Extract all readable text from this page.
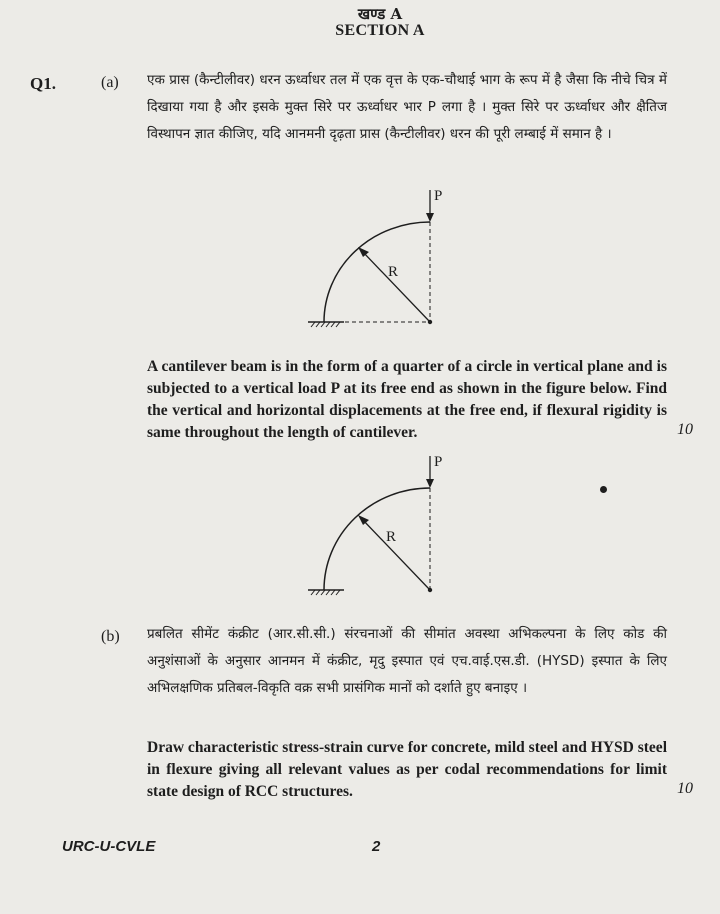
खण्ड A
SECTION A
Q1.	(a) एक प्रास (कैन्टीलीवर) धरन ऊर्ध्वाधर तल में एक वृत्त के एक-चौथाई भाग के रूप में है जैसा कि नीचे चित्र में दिखाया गया है और इसके मुक्त सिरे पर ऊर्ध्वाधर भार P लगा है । मुक्त सिरे पर ऊर्ध्वाधर और क्षैतिज विस्थापन ज्ञात कीजिए, यदि आनमनी दृढ़ता प्रास (कैन्टीलीवर) धरन की पूरी लम्बाई में समान है ।
P
R
A cantilever beam is in the form of a quarter of a circle in vertical plane and is subjected to a vertical load P at its free end as shown in the figure below. Find the vertical and horizontal displacements at the free end, if flexural rigidity is same throughout the length of cantilever.	10
P
R
(b) प्रबलित सीमेंट कंक्रीट (आर.सी.सी.) संरचनाओं की सीमांत अवस्था अभिकल्पना के लिए कोड की अनुशंसाओं के अनुसार आनमन में कंक्रीट, मृदु इस्पात एवं एच.वाई.एस.डी. (HYSD) इस्पात के लिए अभिलक्षणिक प्रतिबल-विकृति वक्र सभी प्रासंगिक मानों को दर्शाते हुए बनाइए ।
Draw characteristic stress-strain curve for concrete, mild steel and HYSD steel in flexure giving all relevant values as per codal recommendations for limit state design of RCC structures.	10
URC-U-CVLE	2
